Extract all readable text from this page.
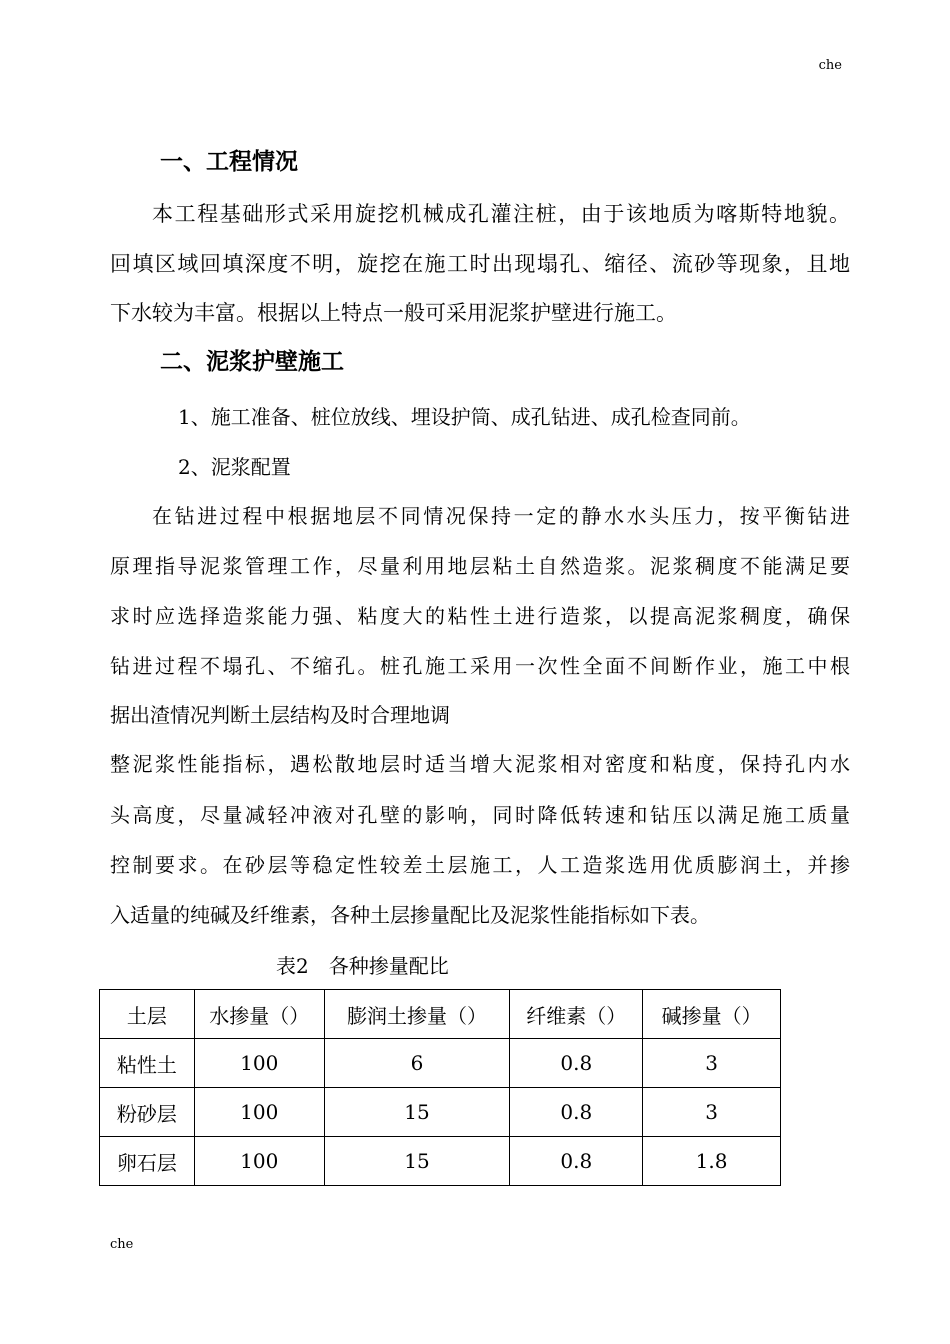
che
一、工程情况
本工程基础形式采用旋挖机械成孔灌注桩，由于该地质为喀斯特地貌。
回填区域回填深度不明，旋挖在施工时出现塌孔、缩径、流砂等现象，且地
下水较为丰富。根据以上特点一般可采用泥浆护壁进行施工。
二、泥浆护壁施工
1、施工准备、桩位放线、埋设护筒、成孔钻进、成孔检查同前。
2、泥浆配置
在钻进过程中根据地层不同情况保持一定的静水水头压力，按平衡钻进
原理指导泥浆管理工作，尽量利用地层粘土自然造浆。泥浆稠度不能满足要
求时应选择造浆能力强、粘度大的粘性土进行造浆，以提高泥浆稠度，确保
钻进过程不塌孔、不缩孔。桩孔施工采用一次性全面不间断作业，施工中根
据出渣情况判断土层结构及时合理地调
整泥浆性能指标，遇松散地层时适当增大泥浆相对密度和粘度，保持孔内水
头高度，尽量减轻冲液对孔壁的影响，同时降低转速和钻压以满足施工质量
控制要求。在砂层等稳定性较差土层施工，人工造浆选用优质膨润土，并掺
入适量的纯碱及纤维素，各种土层掺量配比及泥浆性能指标如下表。
表2　各种掺量配比
土层	水掺量（）	膨润土掺量（）	纤维素（）	碱掺量（）
粘性土	100	6	0.8	3
粉砂层	100	15	0.8	3
卵石层	100	15	0.8	1.8
che
